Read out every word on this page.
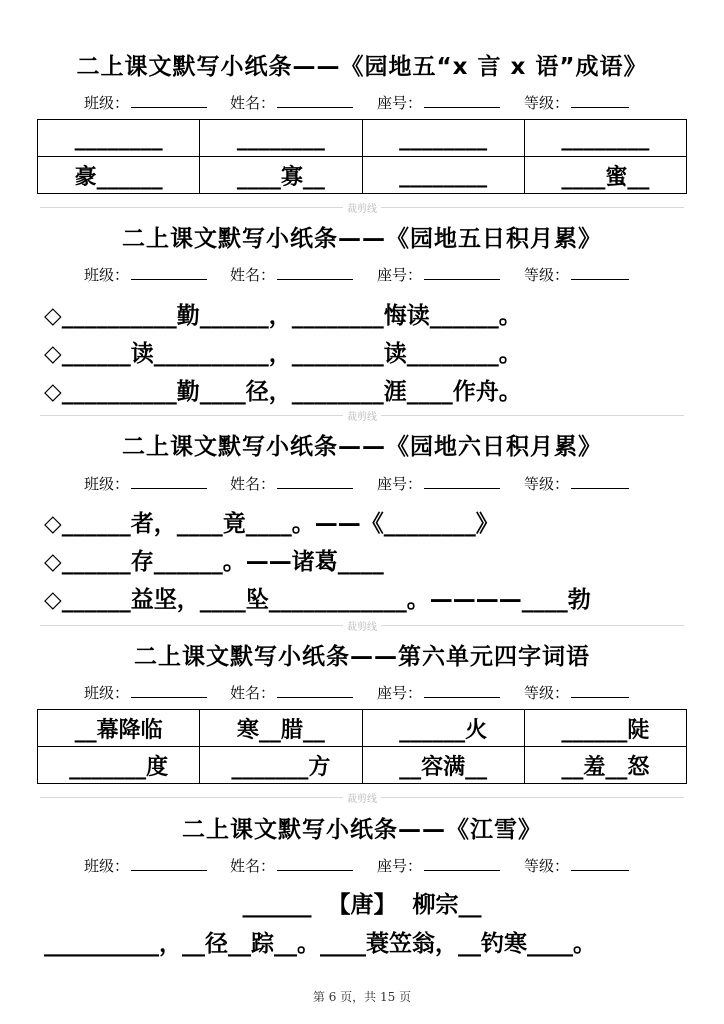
二上课文默写小纸条——《园地五“x 言 x 语”成语》
班级：	姓名：	座号：	等级：
________	________	________	________
豪______	____寡__	________	____蜜__
裁剪线
二上课文默写小纸条——《园地五日积月累》
班级：	姓名：	座号：	等级：
◇__________勤______，________悔读______。
◇______读__________，________读________。
◇__________勤____径，________涯____作舟。
裁剪线
二上课文默写小纸条——《园地六日积月累》
班级：	姓名：	座号：	等级：
◇______者，____竟____。——《________》
◇______存______。——诸葛____
◇______益坚，____坠____________。————____勃
裁剪线
二上课文默写小纸条——第六单元四字词语
班级：	姓名：	座号：	等级：
__幕降临	寒__腊__	______火	______陡
_______度	_______方	__容满__	__羞__怒
裁剪线
二上课文默写小纸条——《江雪》
班级：	姓名：	座号：	等级：
______  【唐】  柳宗__
__________，__径__踪__。____蓑笠翁，__钓寒____。
第 6 页，共 15 页
